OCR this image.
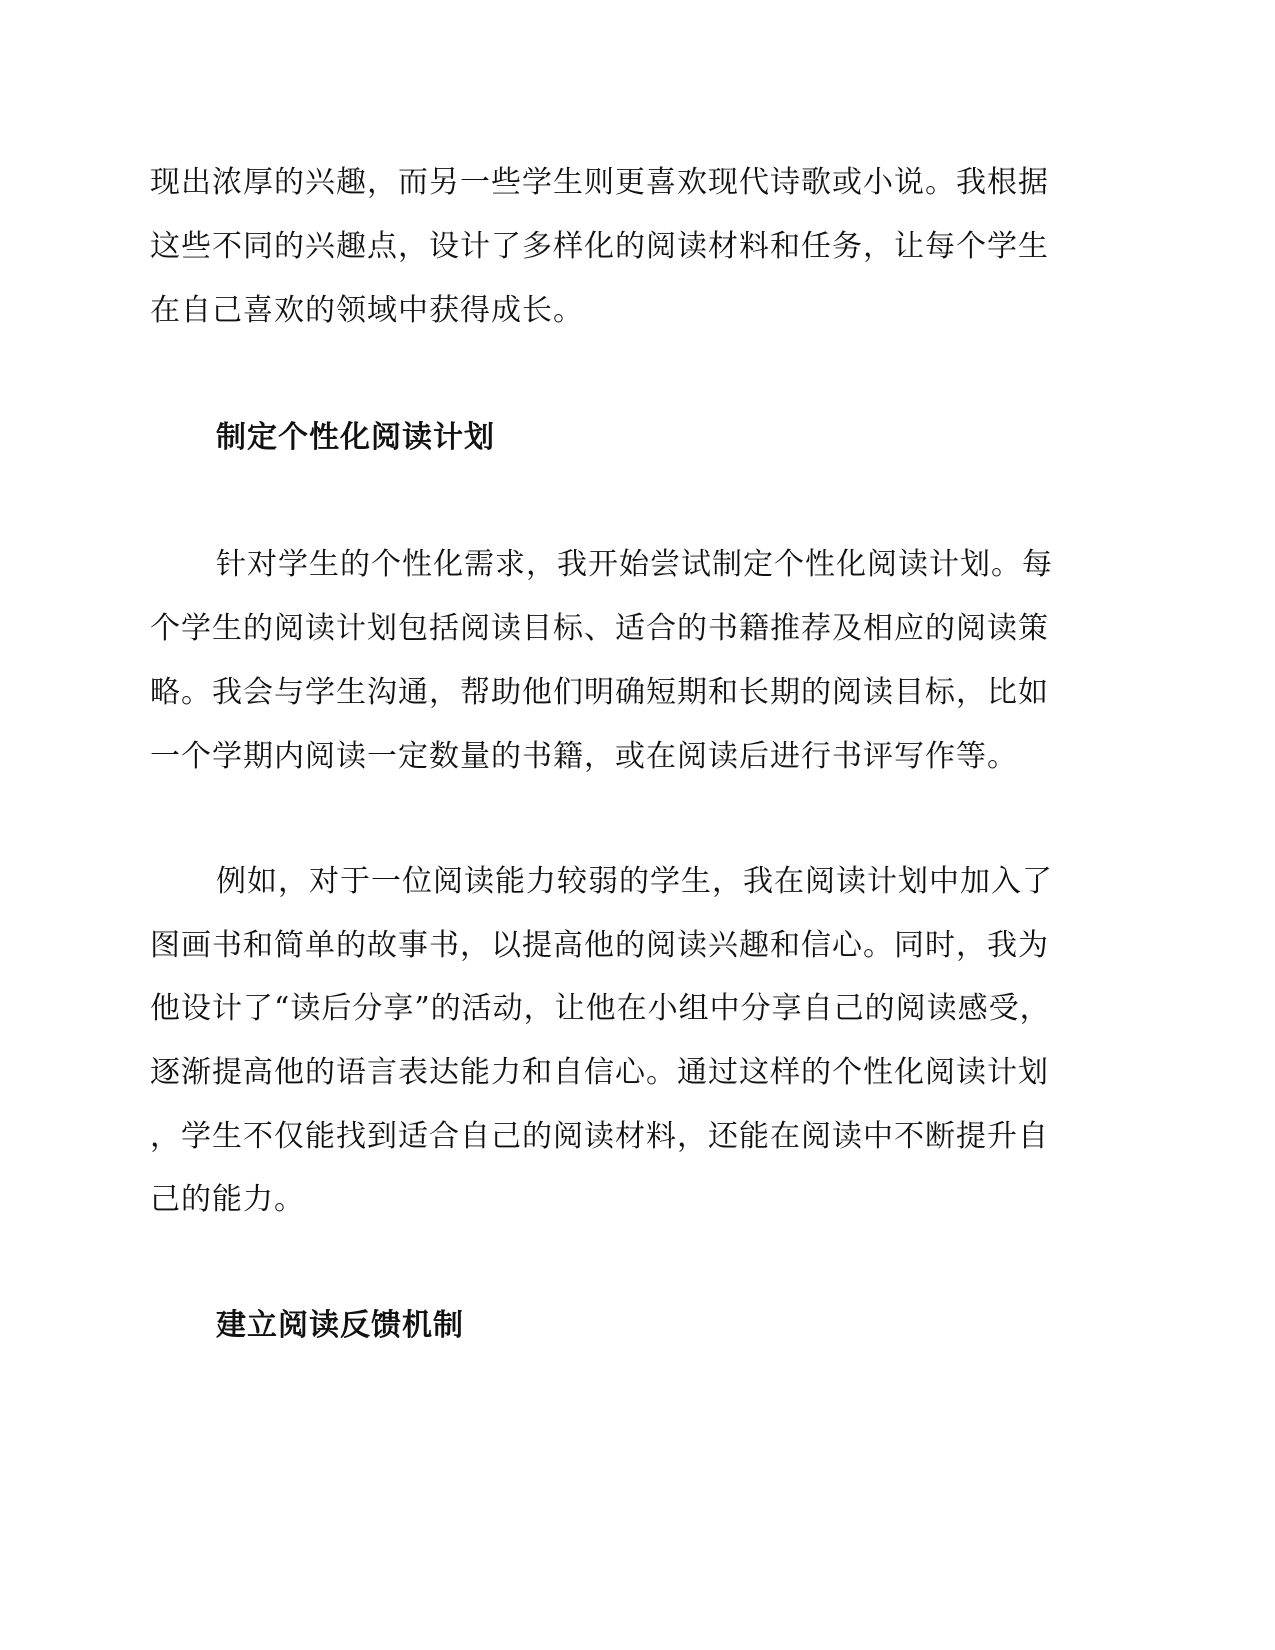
现出浓厚的兴趣，而另一些学生则更喜欢现代诗歌或小说。我根据
这些不同的兴趣点，设计了多样化的阅读材料和任务，让每个学生
在自己喜欢的领域中获得成长。
制定个性化阅读计划
针对学生的个性化需求，我开始尝试制定个性化阅读计划。每
个学生的阅读计划包括阅读目标、适合的书籍推荐及相应的阅读策
略。我会与学生沟通，帮助他们明确短期和长期的阅读目标，比如
一个学期内阅读一定数量的书籍，或在阅读后进行书评写作等。
例如，对于一位阅读能力较弱的学生，我在阅读计划中加入了
图画书和简单的故事书，以提高他的阅读兴趣和信心。同时，我为
他设计了“读后分享”的活动，让他在小组中分享自己的阅读感受，
逐渐提高他的语言表达能力和自信心。通过这样的个性化阅读计划
，学生不仅能找到适合自己的阅读材料，还能在阅读中不断提升自
己的能力。
建立阅读反馈机制
